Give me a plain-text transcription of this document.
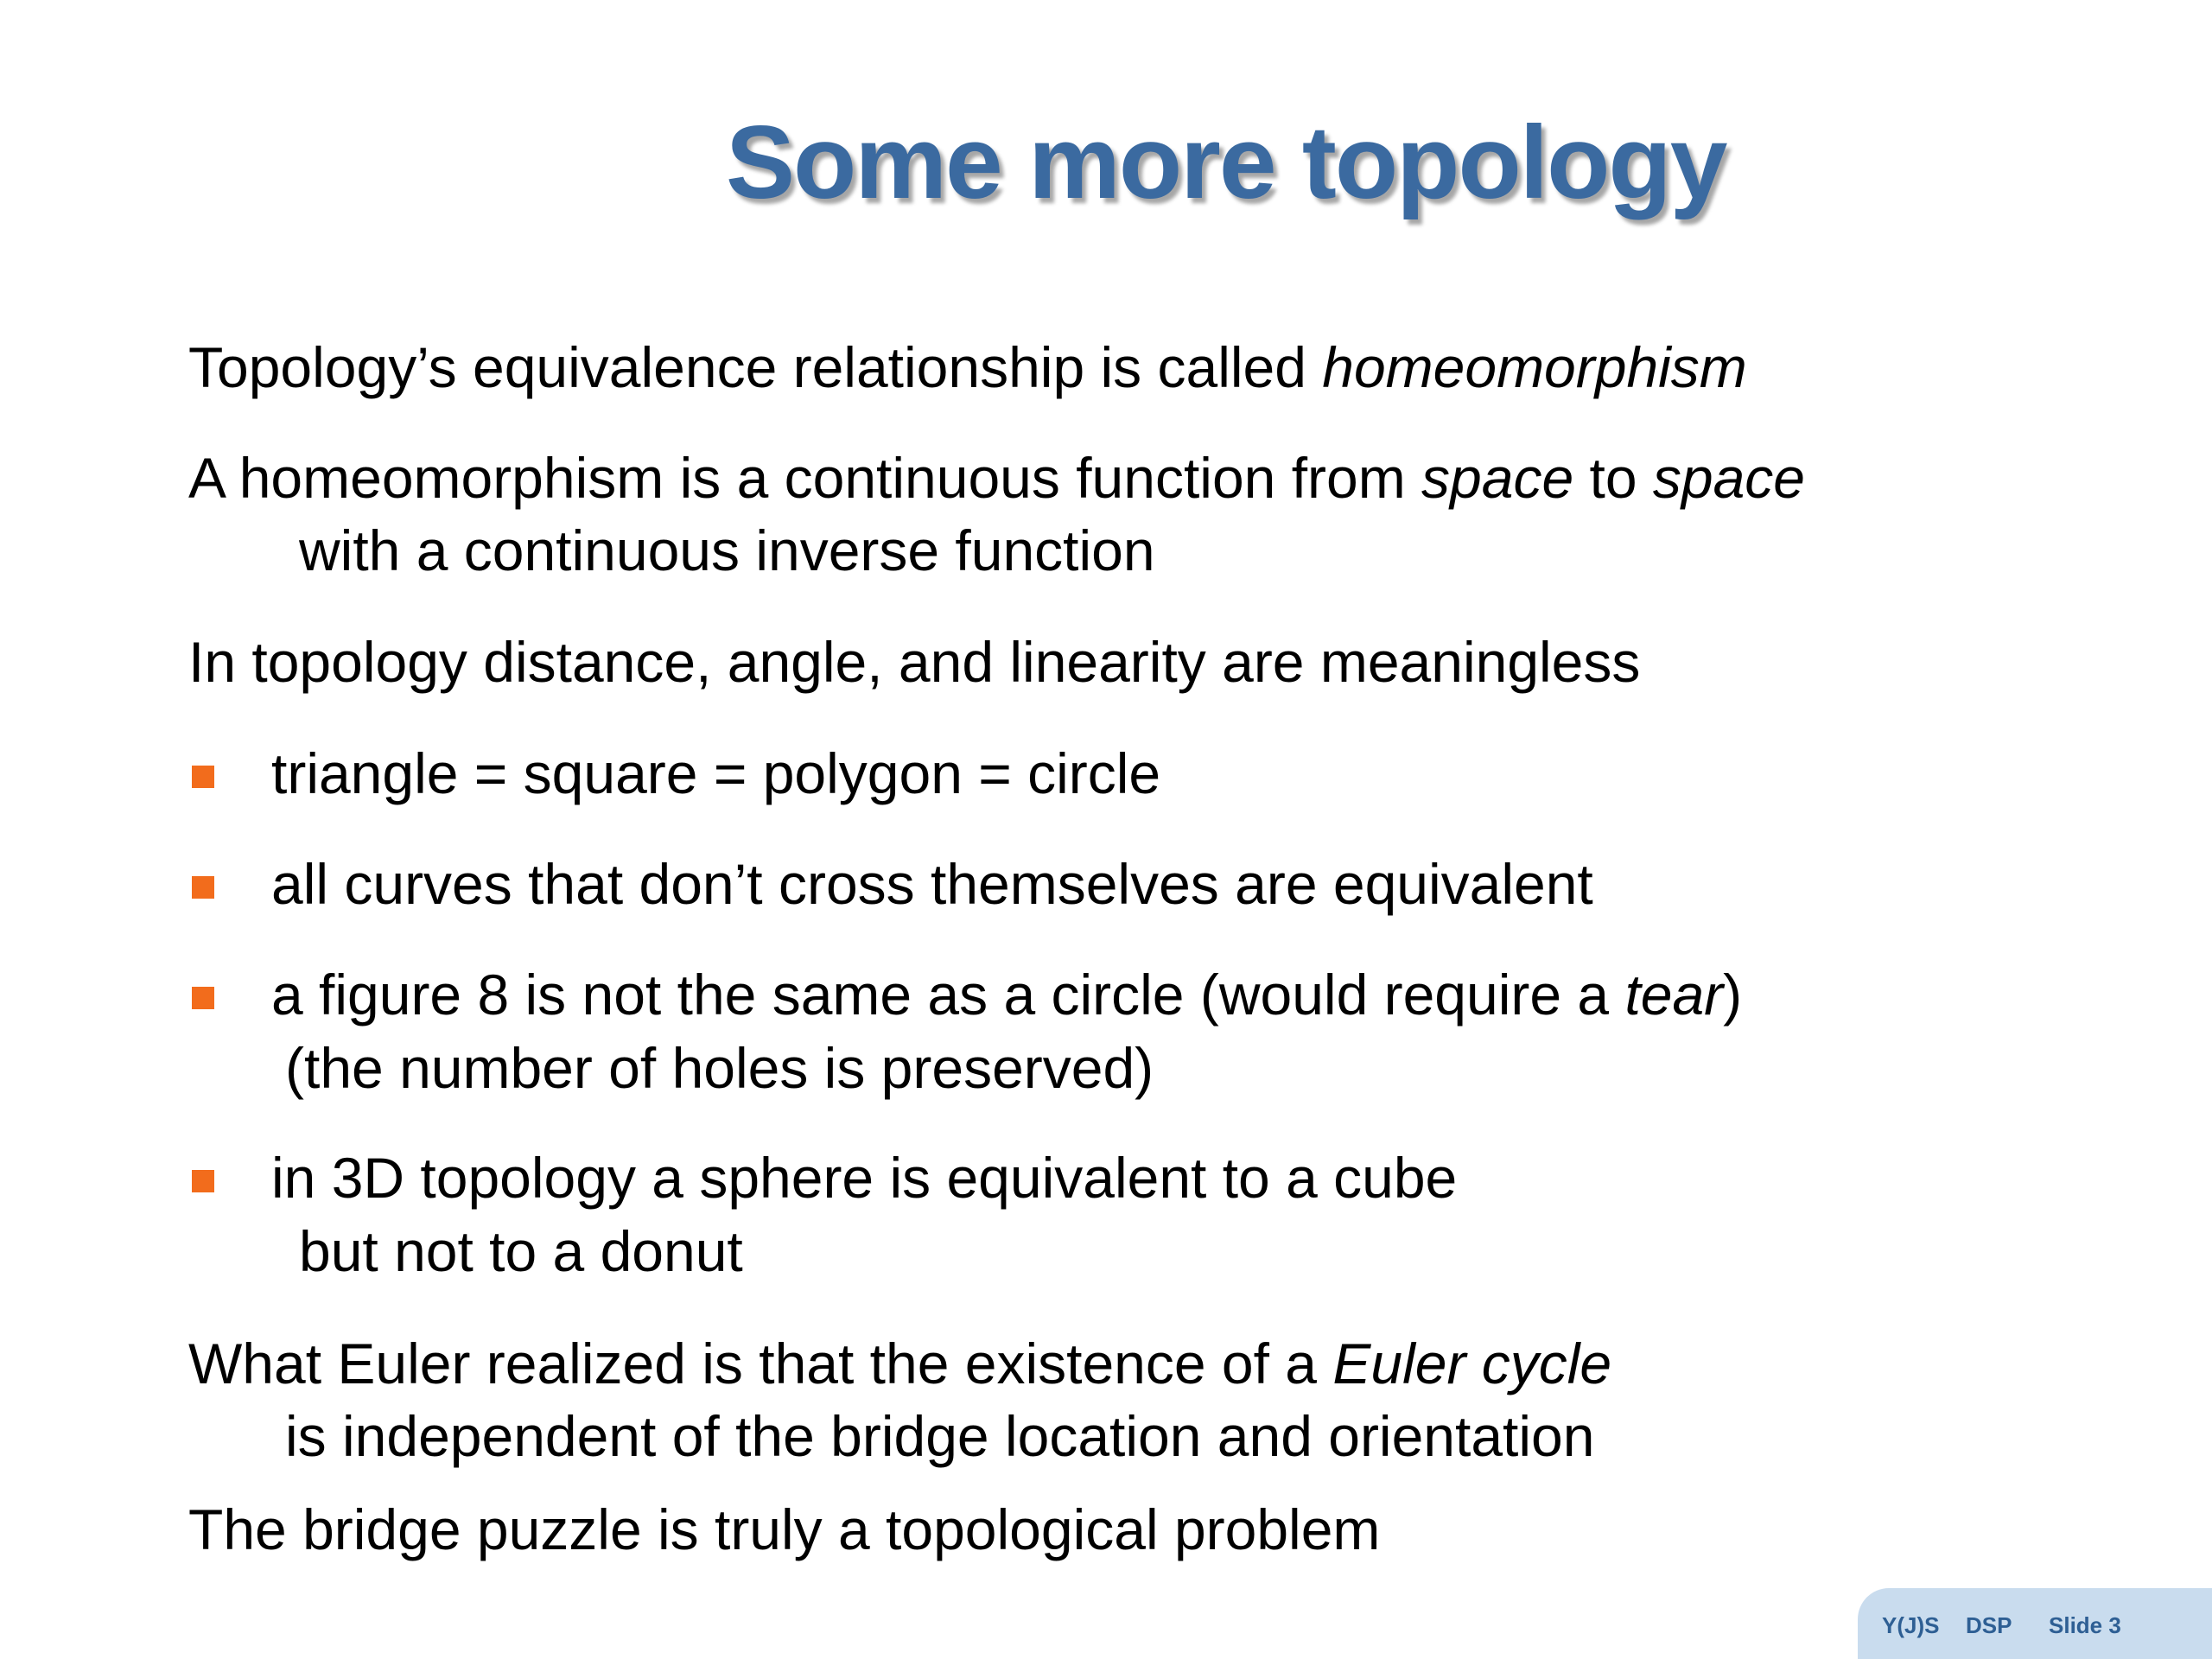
Some more topology
Topology’s equivalence relationship is called homeomorphism
A homeomorphism is a continuous function from space to space
with a continuous inverse function
In topology distance, angle, and linearity are meaningless
triangle = square = polygon = circle
all curves that don’t cross themselves are equivalent
a figure 8 is not the same as a circle (would require a tear)
(the number of holes is preserved)
in 3D topology a sphere is equivalent to a cube
but not to a donut
What Euler realized is that the existence of a Euler cycle
is independent of the bridge location and orientation
The bridge puzzle is truly a topological problem
Y(J)S DSP Slide 3
